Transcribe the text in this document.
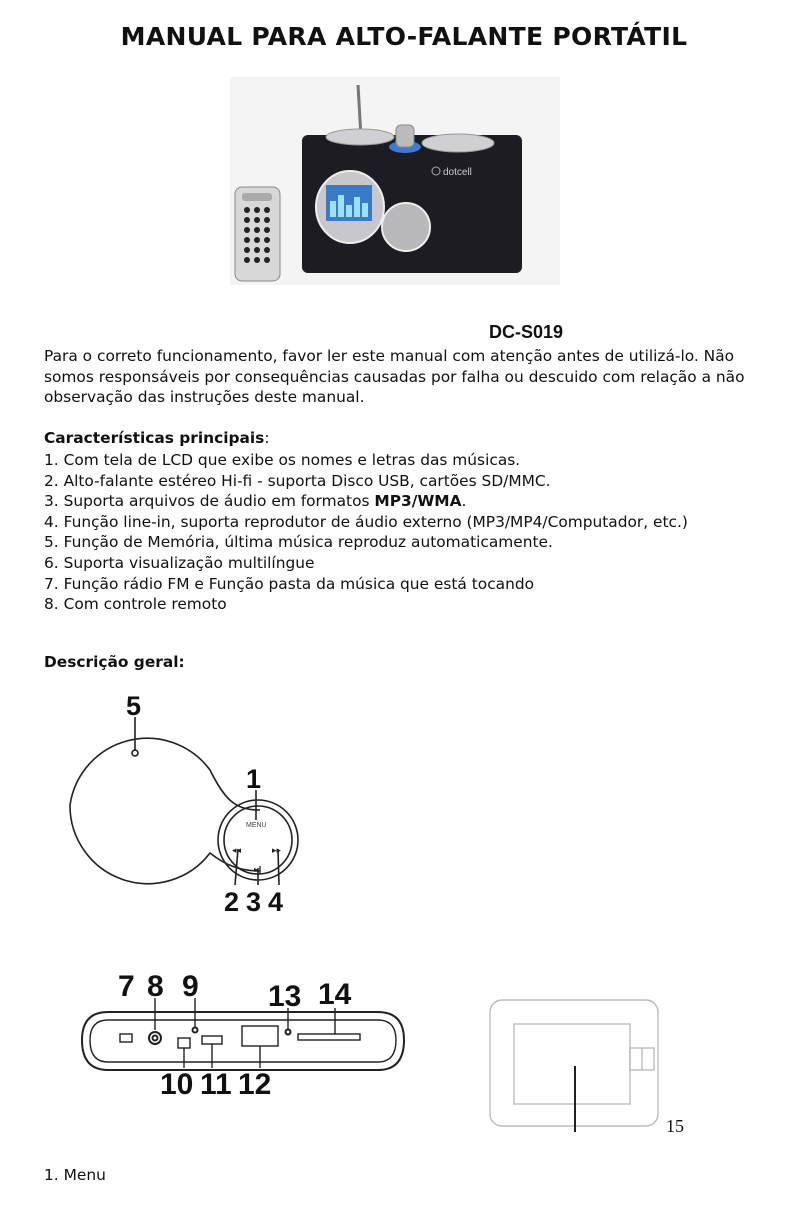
MANUAL PARA ALTO-FALANTE PORTÁTIL
dotcell

DC-S019

Para o correto funcionamento, favor ler este manual com atenção antes de utilizá-lo. Não somos responsáveis por consequências causadas por falha ou descuido com relação a não observação das instruções deste manual.

Características principais:

1. Com tela de LCD que exibe os nomes e letras das músicas.
2. Alto-falante estéreo Hi-fi - suporta Disco USB, cartões SD/MMC.
3. Suporta arquivos de áudio em formatos MP3/WMA.
4. Função line-in, suporta reprodutor de áudio externo (MP3/MP4/Computador, etc.)
5. Função de Memória, última música reproduz automaticamente.
6. Suporta visualização multilíngue
7. Função rádio FM e Função pasta da música que está tocando
8. Com controle remoto

Descrição geral:

MENU
◂◂	▸▸
▸‖
5
1
2 3 4
7 8 9 13 14
10 11 12
15
1. Menu
